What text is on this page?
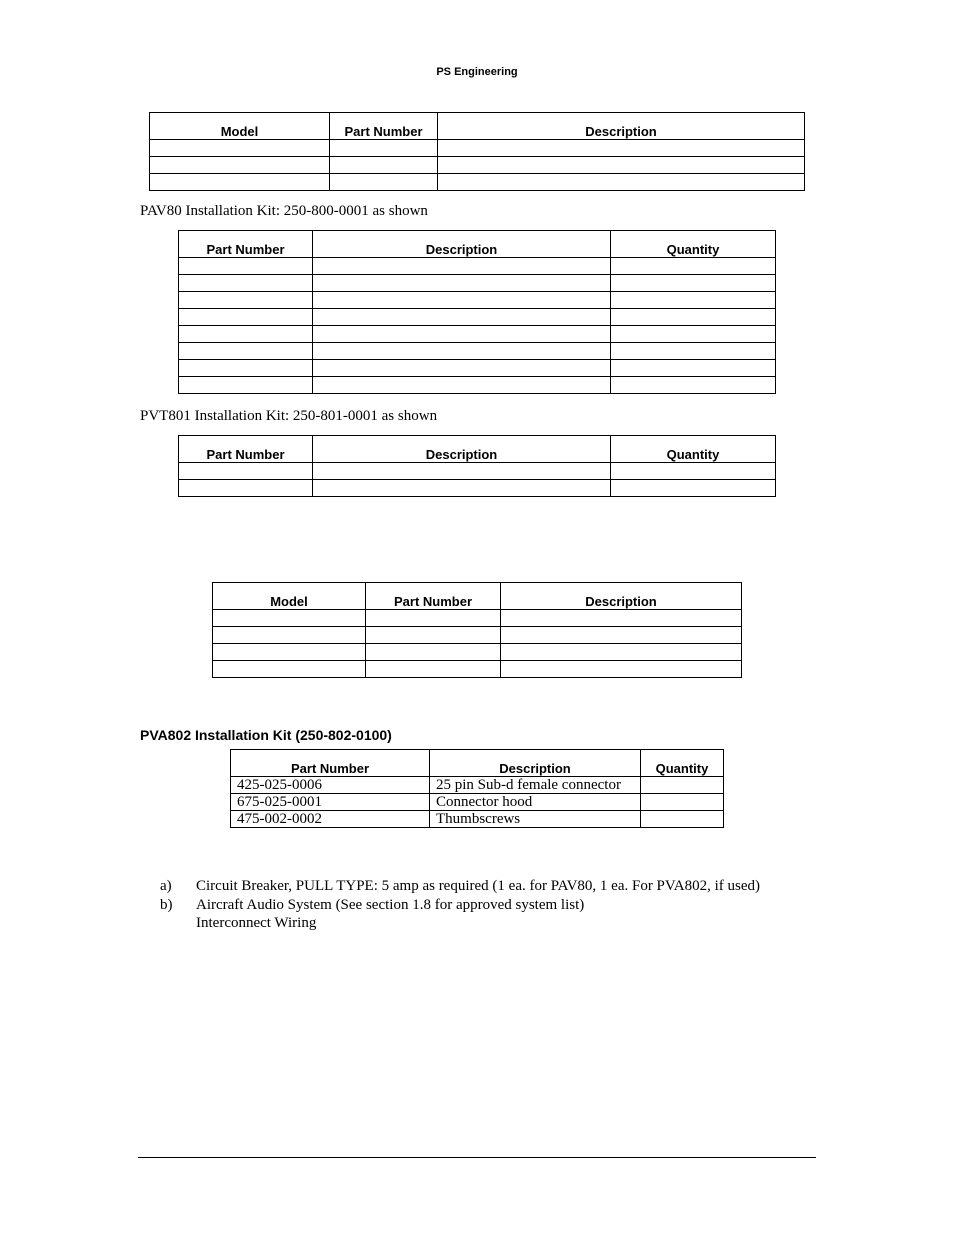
PS Engineering
Model	Part Number	Description

PAV80 Installation Kit: 250-800-0001 as shown
Part Number	Description	Quantity

PVT801 Installation Kit: 250-801-0001 as shown
Part Number	Description	Quantity

Model	Part Number	Description

PVA802 Installation Kit (250-802-0100)
Part Number	Description	Quantity
425-025-0006	25 pin Sub-d female connector	
675-025-0001	Connector hood	
475-002-0002	Thumbscrews	
a)	Circuit Breaker, PULL TYPE: 5 amp as required (1 ea. for PAV80, 1 ea. For PVA802, if used)
b)	Aircraft Audio System (See section 1.8 for approved system list)
Interconnect Wiring
